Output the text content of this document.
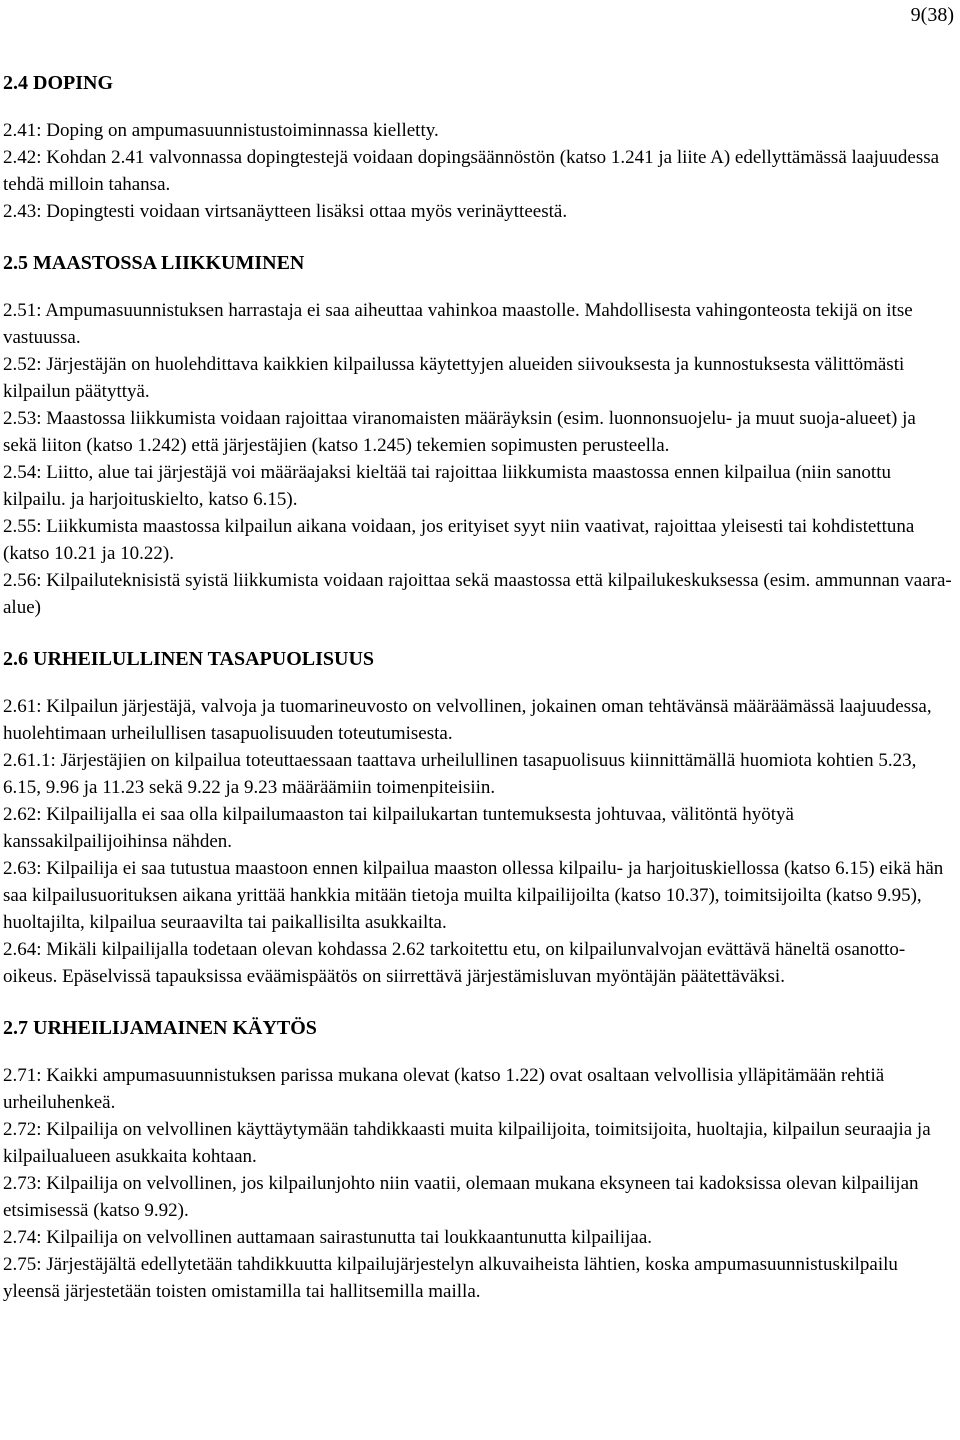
9(38)
2.4 DOPING

2.41: Doping on ampumasuunnistustoiminnassa kielletty.

2.42: Kohdan 2.41 valvonnassa dopingtestejä voidaan dopingsäännöstön (katso 1.241 ja liite A) edellyttämässä laajuudessa tehdä milloin tahansa.

2.43: Dopingtesti voidaan virtsanäytteen lisäksi ottaa myös verinäytteestä.

2.5 MAASTOSSA LIIKKUMINEN

2.51: Ampumasuunnistuksen harrastaja ei saa aiheuttaa vahinkoa maastolle. Mahdollisesta vahingonteosta tekijä on itse vastuussa.

2.52: Järjestäjän on huolehdittava kaikkien kilpailussa käytettyjen alueiden siivouksesta ja kunnostuksesta välittömästi kilpailun päätyttyä.

2.53: Maastossa liikkumista voidaan rajoittaa viranomaisten määräyksin (esim. luonnonsuojelu- ja muut suoja-alueet) ja sekä liiton (katso 1.242) että järjestäjien (katso 1.245) tekemien sopimusten perusteella.

2.54: Liitto, alue tai järjestäjä voi määräajaksi kieltää tai rajoittaa liikkumista maastossa ennen kilpailua (niin sanottu kilpailu. ja harjoituskielto, katso 6.15).

2.55: Liikkumista maastossa kilpailun aikana voidaan, jos erityiset syyt niin vaativat, rajoittaa yleisesti tai kohdistettuna (katso 10.21 ja 10.22).

2.56: Kilpailuteknisistä syistä liikkumista voidaan rajoittaa sekä maastossa että kilpailukeskuksessa (esim. ammunnan vaara-alue)

2.6 URHEILULLINEN TASAPUOLISUUS

2.61: Kilpailun järjestäjä, valvoja ja tuomarineuvosto on velvollinen, jokainen oman tehtävänsä määräämässä laajuudessa, huolehtimaan urheilullisen tasapuolisuuden toteutumisesta.

2.61.1: Järjestäjien on kilpailua toteuttaessaan taattava urheilullinen tasapuolisuus kiinnittämällä huomiota kohtien 5.23, 6.15, 9.96 ja 11.23 sekä 9.22 ja 9.23 määräämiin toimenpiteisiin.

2.62: Kilpailijalla ei saa olla kilpailumaaston tai kilpailukartan tuntemuksesta johtuvaa, välitöntä hyötyä kanssakilpailijoihinsa nähden.

2.63: Kilpailija ei saa tutustua maastoon ennen kilpailua maaston ollessa kilpailu- ja harjoituskiellossa (katso 6.15) eikä hän saa kilpailusuorituksen aikana yrittää hankkia mitään tietoja muilta kilpailijoilta (katso 10.37), toimitsijoilta (katso 9.95), huoltajilta, kilpailua seuraavilta tai paikallisilta asukkailta.

2.64: Mikäli kilpailijalla todetaan olevan kohdassa 2.62 tarkoitettu etu, on kilpailunvalvojan evättävä häneltä osanotto-oikeus. Epäselvissä tapauksissa eväämispäätös on siirrettävä järjestämisluvan myöntäjän päätettäväksi.

2.7 URHEILIJAMAINEN KÄYTÖS

2.71: Kaikki ampumasuunnistuksen parissa mukana olevat (katso 1.22) ovat osaltaan velvollisia ylläpitämään rehtiä urheiluhenkeä.

2.72: Kilpailija on velvollinen käyttäytymään tahdikkaasti muita kilpailijoita, toimitsijoita, huoltajia, kilpailun seuraajia ja kilpailualueen asukkaita kohtaan.

2.73: Kilpailija on velvollinen, jos kilpailunjohto niin vaatii, olemaan mukana eksyneen tai kadoksissa olevan kilpailijan etsimisessä (katso 9.92).

2.74: Kilpailija on velvollinen auttamaan sairastunutta tai loukkaantunutta kilpailijaa.

2.75: Järjestäjältä edellytetään tahdikkuutta kilpailujärjestelyn alkuvaiheista lähtien, koska ampumasuunnistuskilpailu yleensä järjestetään toisten omistamilla tai hallitsemilla mailla.
